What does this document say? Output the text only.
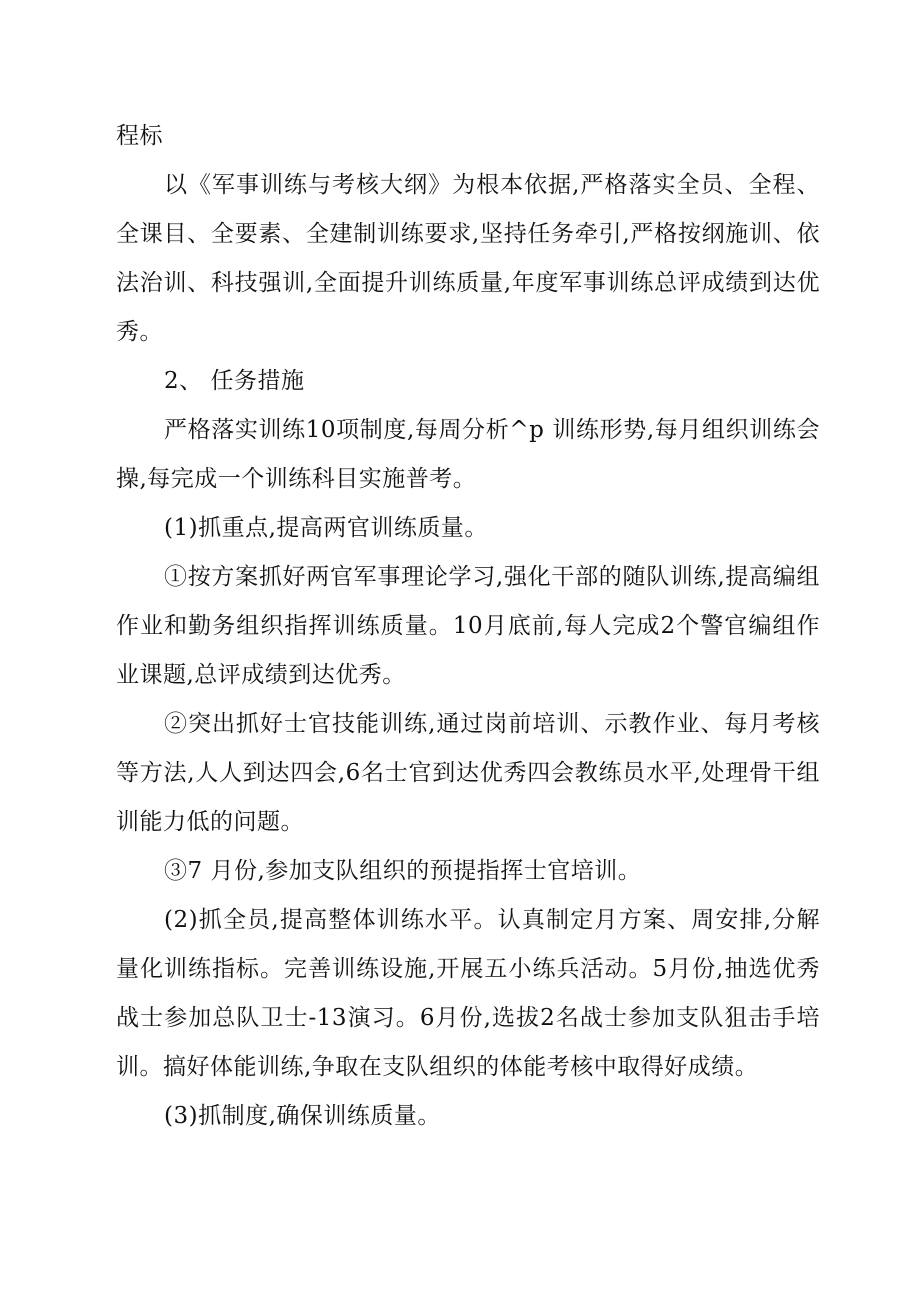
程标

以《军事训练与考核大纲》为根本依据,严格落实全员、全程、全课目、全要素、全建制训练要求,坚持任务牵引,严格按纲施训、依法治训、科技强训,全面提升训练质量,年度军事训练总评成绩到达优秀。

2、 任务措施

严格落实训练10项制度,每周分析^p 训练形势,每月组织训练会操,每完成一个训练科目实施普考。

(1)抓重点,提高两官训练质量。

①按方案抓好两官军事理论学习,强化干部的随队训练,提高编组作业和勤务组织指挥训练质量。10月底前,每人完成2个警官编组作业课题,总评成绩到达优秀。

②突出抓好士官技能训练,通过岗前培训、示教作业、每月考核等方法,人人到达四会,6名士官到达优秀四会教练员水平,处理骨干组训能力低的问题。

③7 月份,参加支队组织的预提指挥士官培训。

(2)抓全员,提高整体训练水平。认真制定月方案、周安排,分解量化训练指标。完善训练设施,开展五小练兵活动。5月份,抽选优秀战士参加总队卫士-13演习。6月份,选拔2名战士参加支队狙击手培训。搞好体能训练,争取在支队组织的体能考核中取得好成绩。

(3)抓制度,确保训练质量。
